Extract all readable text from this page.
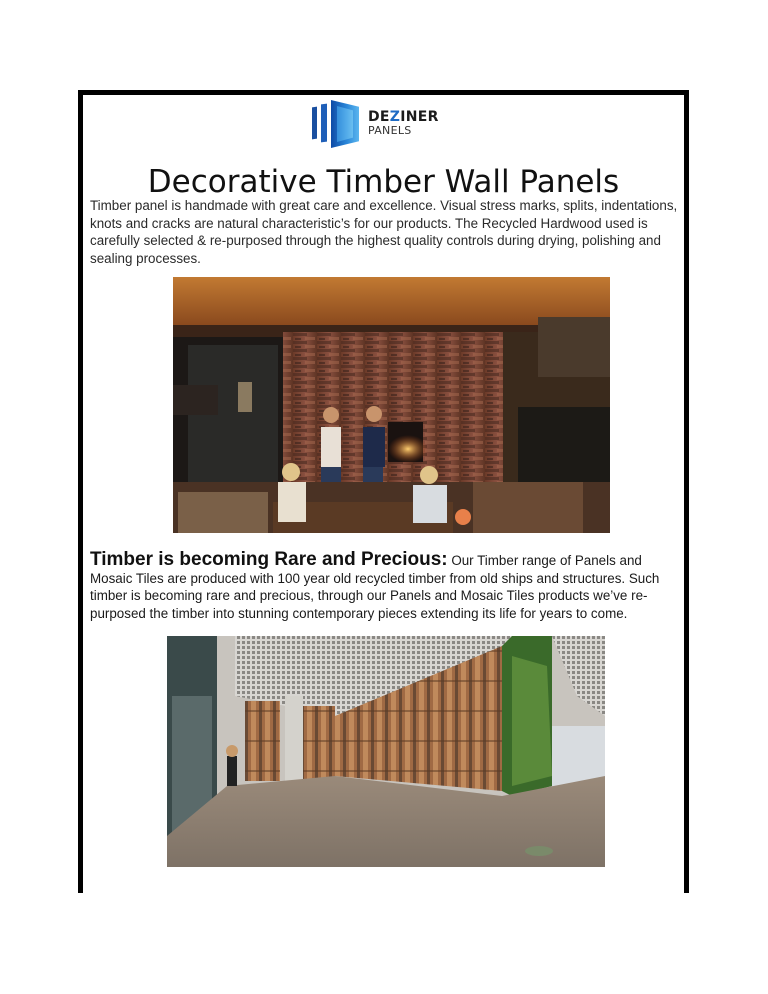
DEZINER
PANELS
Decorative Timber Wall Panels

Timber panel is handmade with great care and excellence. Visual stress marks, splits, indentations, knots and cracks are natural characteristic’s for our products. The Recycled Hardwood used is carefully selected & re-purposed through the highest quality controls during drying, polishing and sealing processes.

Timber is becoming Rare and Precious: Our Timber range of Panels and Mosaic Tiles are produced with 100 year old recycled timber from old ships and structures. Such timber is becoming rare and precious, through our Panels and Mosaic Tiles products we’ve re-purposed the timber into stunning contemporary pieces extending its life for years to come.
